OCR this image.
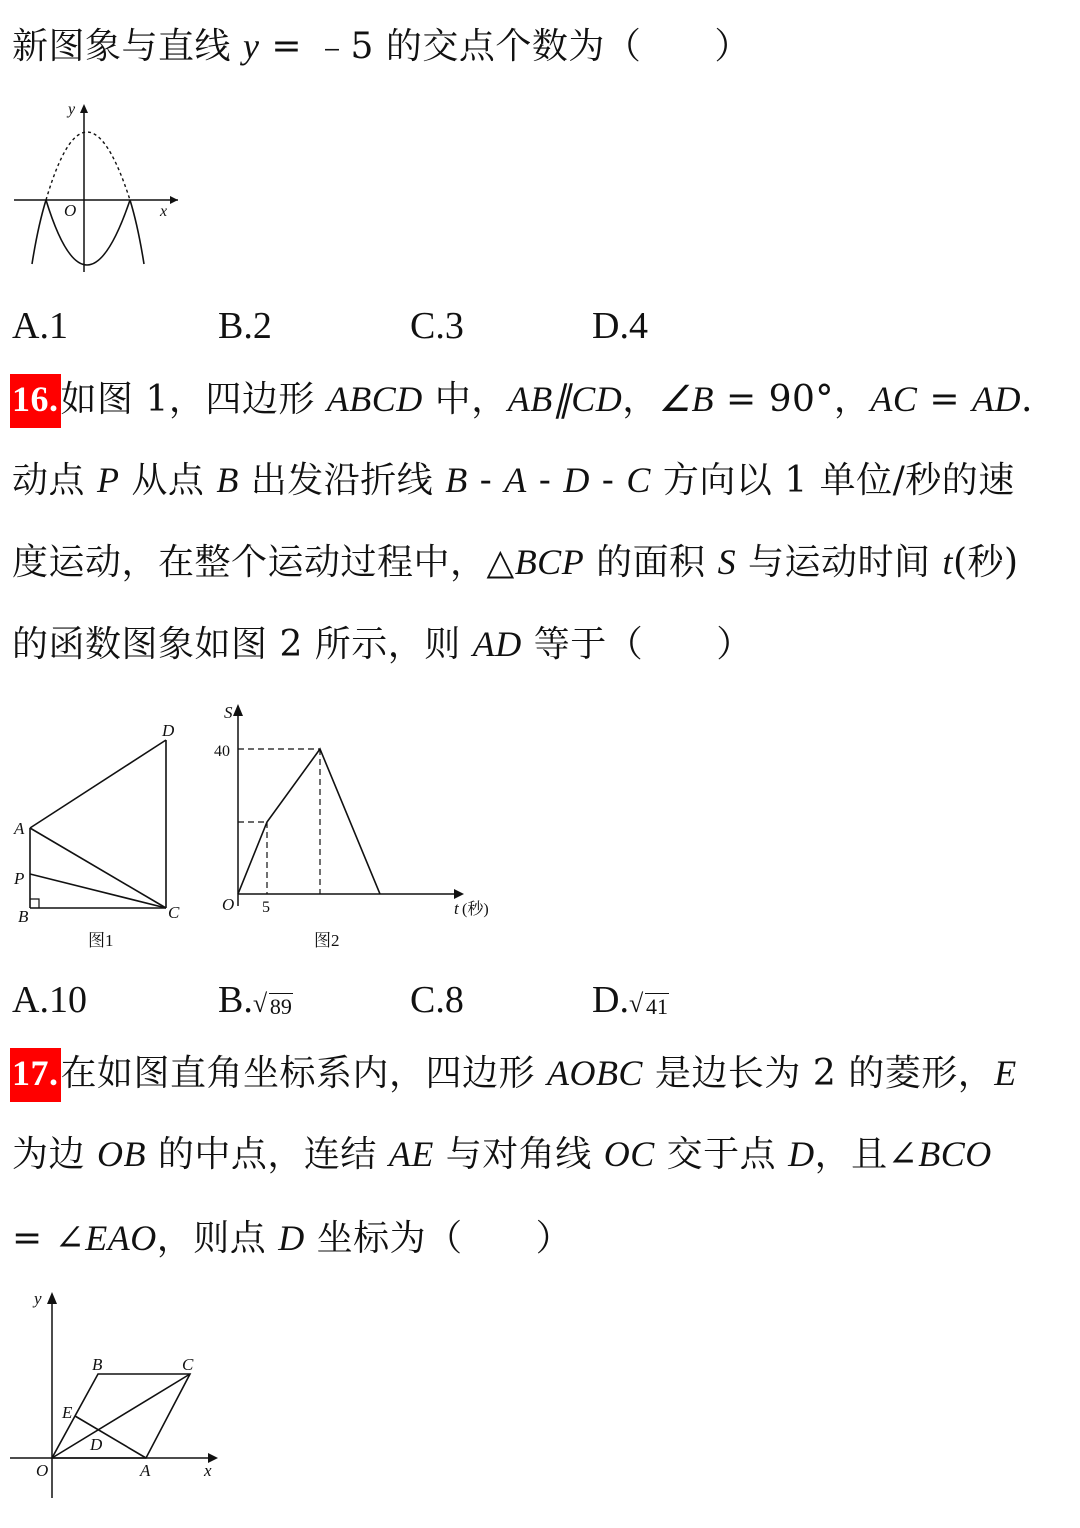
新图象与直线 y = ﹣5 的交点个数为（　　）
x
y
O
A.1	B.2	C.3	D.4
16.如图 1，四边形 ABCD 中，AB∥CD，∠B = 90°，AC = AD.
动点 P 从点 B 出发沿折线 B - A - D - C 方向以 1 单位/秒的速
度运动，在整个运动过程中，△BCP 的面积 S 与运动时间 t(秒)
的函数图象如图 2 所示，则 AD 等于（　　）
D
A
P
B	C
图1
S
40
5
O	t (秒)
图2
A.10	B. √ 89	C.8	D. √ 41
17.在如图直角坐标系内，四边形 AOBC 是边长为 2 的菱形，E
为边 OB 的中点，连结 AE 与对角线 OC 交于点 D，且∠BCO
= ∠EAO，则点 D 坐标为（　　）
O	A
B	C
D
E
x
y
